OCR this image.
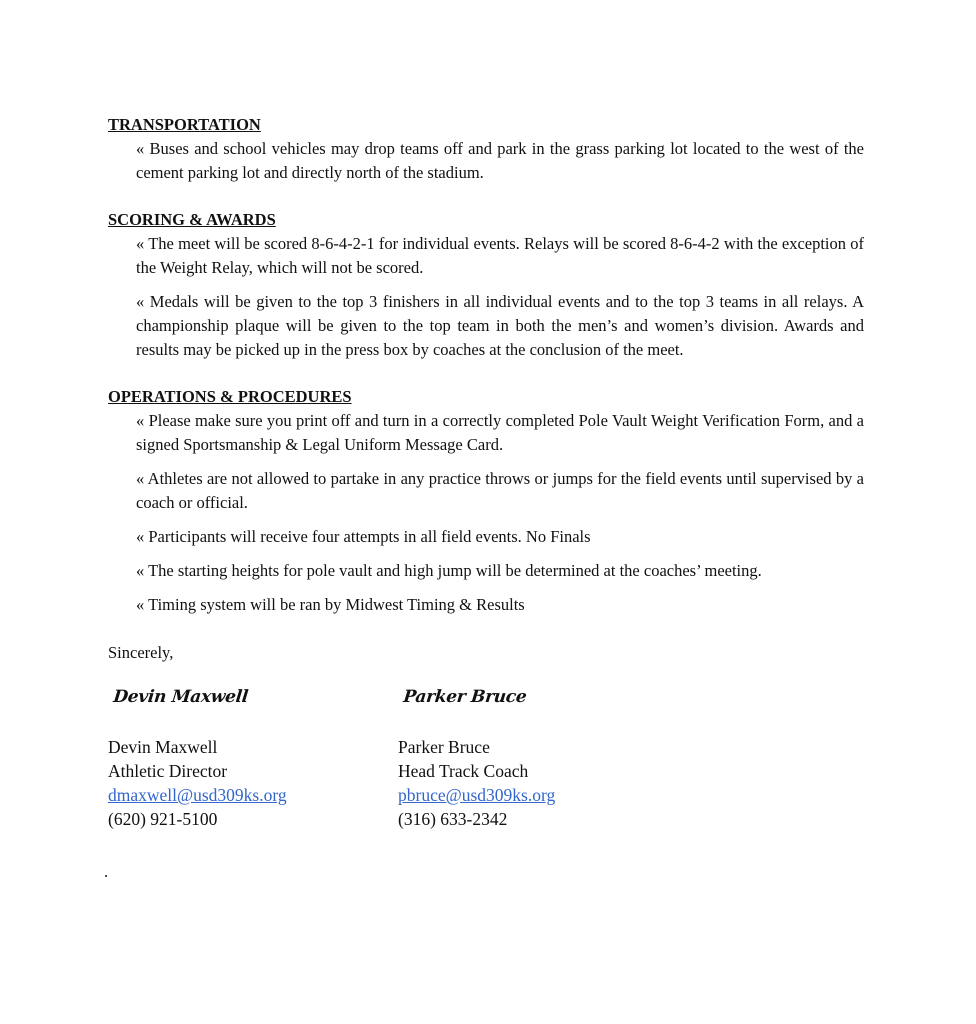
TRANSPORTATION

« Buses and school vehicles may drop teams off and park in the grass parking lot located to the west of the cement parking lot and directly north of the stadium.

SCORING & AWARDS

« The meet will be scored 8-6-4-2-1 for individual events. Relays will be scored 8-6-4-2 with the exception of the Weight Relay, which will not be scored.

« Medals will be given to the top 3 finishers in all individual events and to the top 3 teams in all relays. A championship plaque will be given to the top team in both the men’s and women’s division. Awards and results may be picked up in the press box by coaches at the conclusion of the meet.

OPERATIONS & PROCEDURES

« Please make sure you print off and turn in a correctly completed Pole Vault Weight Verification Form, and a signed Sportsmanship & Legal Uniform Message Card.

« Athletes are not allowed to partake in any practice throws or jumps for the field events until supervised by a coach or official.

« Participants will receive four attempts in all field events. No Finals

« The starting heights for pole vault and high jump will be determined at the coaches’ meeting.

« Timing system will be ran by Midwest Timing & Results

Sincerely,

Devin Maxwell
Devin Maxwell
Athletic Director
dmaxwell@usd309ks.org
(620) 921-5100
Parker Bruce
Parker Bruce
Head Track Coach
pbruce@usd309ks.org
(316) 633-2342
.
